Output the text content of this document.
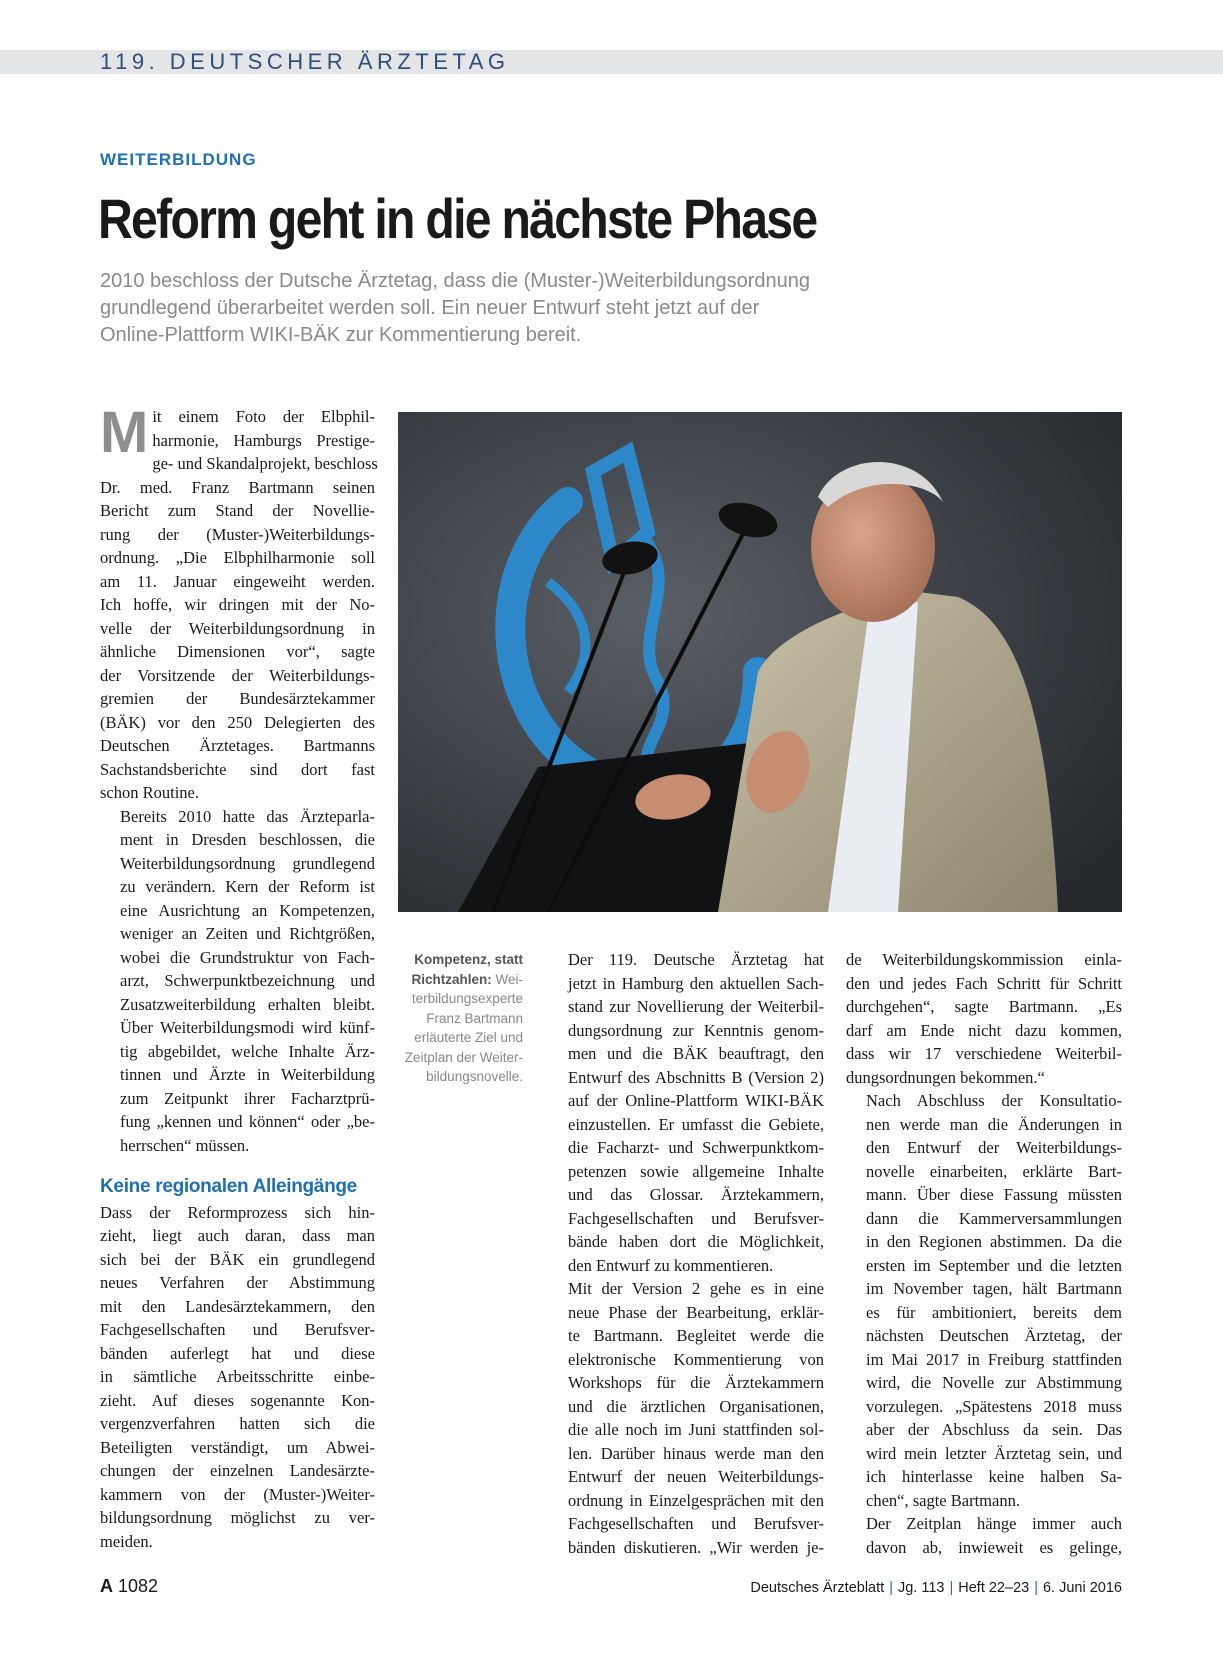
119. DEUTSCHER ÄRZTETAG
WEITERBILDUNG
Reform geht in die nächste Phase
2010 beschloss der Dutsche Ärztetag, dass die (Muster-)Weiterbildungsordnung
grundlegend überarbeitet werden soll. Ein neuer Entwurf steht jetzt auf der
Online-Plattform WIKI-BÄK zur Kommentierung bereit.
M it einem Foto der Elbphil-
harmonie, Hamburgs Prestige-
ge- und Skandalprojekt, beschloss
Dr. med. Franz Bartmann seinen
Bericht zum Stand der Novellie-
rung der (Muster-)Weiterbildungs-
ordnung. „Die Elbphilharmonie soll
am 11. Januar eingeweiht werden.
Ich hoffe, wir dringen mit der No-
velle der Weiterbildungsordnung in
ähnliche Dimensionen vor“, sagte
der Vorsitzende der Weiterbildungs-
gremien der Bundesärztekammer
(BÄK) vor den 250 Delegierten des
Deutschen Ärztetages. Bartmanns
Sachstandsberichte sind dort fast
schon Routine.
Bereits 2010 hatte das Ärzteparla-
ment in Dresden beschlossen, die
Weiterbildungsordnung grundlegend
zu verändern. Kern der Reform ist
eine Ausrichtung an Kompetenzen,
weniger an Zeiten und Richtgrößen,
wobei die Grundstruktur von Fach-
arzt, Schwerpunktbezeichnung und
Zusatzweiterbildung erhalten bleibt.
Über Weiterbildungsmodi wird künf-
tig abgebildet, welche Inhalte Ärz-
tinnen und Ärzte in Weiterbildung
zum Zeitpunkt ihrer Facharztprü-
fung „kennen und können“ oder „be-
herrschen“ müssen.
Keine regionalen Alleingänge
Dass der Reformprozess sich hin-
zieht, liegt auch daran, dass man
sich bei der BÄK ein grundlegend
neues Verfahren der Abstimmung
mit den Landesärztekammern, den
Fachgesellschaften und Berufsver-
bänden auferlegt hat und diese
in sämtliche Arbeitsschritte einbe-
zieht. Auf dieses sogenannte Kon-
vergenzverfahren hatten sich die
Beteiligten verständigt, um Abwei-
chungen der einzelnen Landesärzte-
kammern von der (Muster-)Weiter-
bildungsordnung möglichst zu ver-
meiden.
Kompetenz, statt
Richtzahlen: Wei-
terbildungsexperte
Franz Bartmann
erläuterte Ziel und
Zeitplan der Weiter-
bildungsnovelle.
Der 119. Deutsche Ärztetag hat
jetzt in Hamburg den aktuellen Sach-
stand zur Novellierung der Weiterbil-
dungsordnung zur Kenntnis genom-
men und die BÄK beauftragt, den
Entwurf des Abschnitts B (Version 2)
auf der Online-Plattform WIKI-BÄK
einzustellen. Er umfasst die Gebiete,
die Facharzt- und Schwerpunktkom-
petenzen sowie allgemeine Inhalte
und das Glossar. Ärztekammern,
Fachgesellschaften und Berufsver-
bände haben dort die Möglichkeit,
den Entwurf zu kommentieren.
Mit der Version 2 gehe es in eine
neue Phase der Bearbeitung, erklär-
te Bartmann. Begleitet werde die
elektronische Kommentierung von
Workshops für die Ärztekammern
und die ärztlichen Organisationen,
die alle noch im Juni stattfinden sol-
len. Darüber hinaus werde man den
Entwurf der neuen Weiterbildungs-
ordnung in Einzelgesprächen mit den
Fachgesellschaften und Berufsver-
bänden diskutieren. „Wir werden je-
de Weiterbildungskommission einla-
den und jedes Fach Schritt für Schritt
durchgehen“, sagte Bartmann. „Es
darf am Ende nicht dazu kommen,
dass wir 17 verschiedene Weiterbil-
dungsordnungen bekommen.“
Nach Abschluss der Konsultatio-
nen werde man die Änderungen in
den Entwurf der Weiterbildungs-
novelle einarbeiten, erklärte Bart-
mann. Über diese Fassung müssten
dann die Kammerversammlungen
in den Regionen abstimmen. Da die
ersten im September und die letzten
im November tagen, hält Bartmann
es für ambitioniert, bereits dem
nächsten Deutschen Ärztetag, der
im Mai 2017 in Freiburg stattfinden
wird, die Novelle zur Abstimmung
vorzulegen. „Spätestens 2018 muss
aber der Abschluss da sein. Das
wird mein letzter Ärztetag sein, und
ich hinterlasse keine halben Sa-
chen“, sagte Bartmann.
Der Zeitplan hänge immer auch
davon ab, inwieweit es gelinge,
A 1082	Deutsches Ärzteblatt | Jg. 113 | Heft 22–23 | 6. Juni 2016
